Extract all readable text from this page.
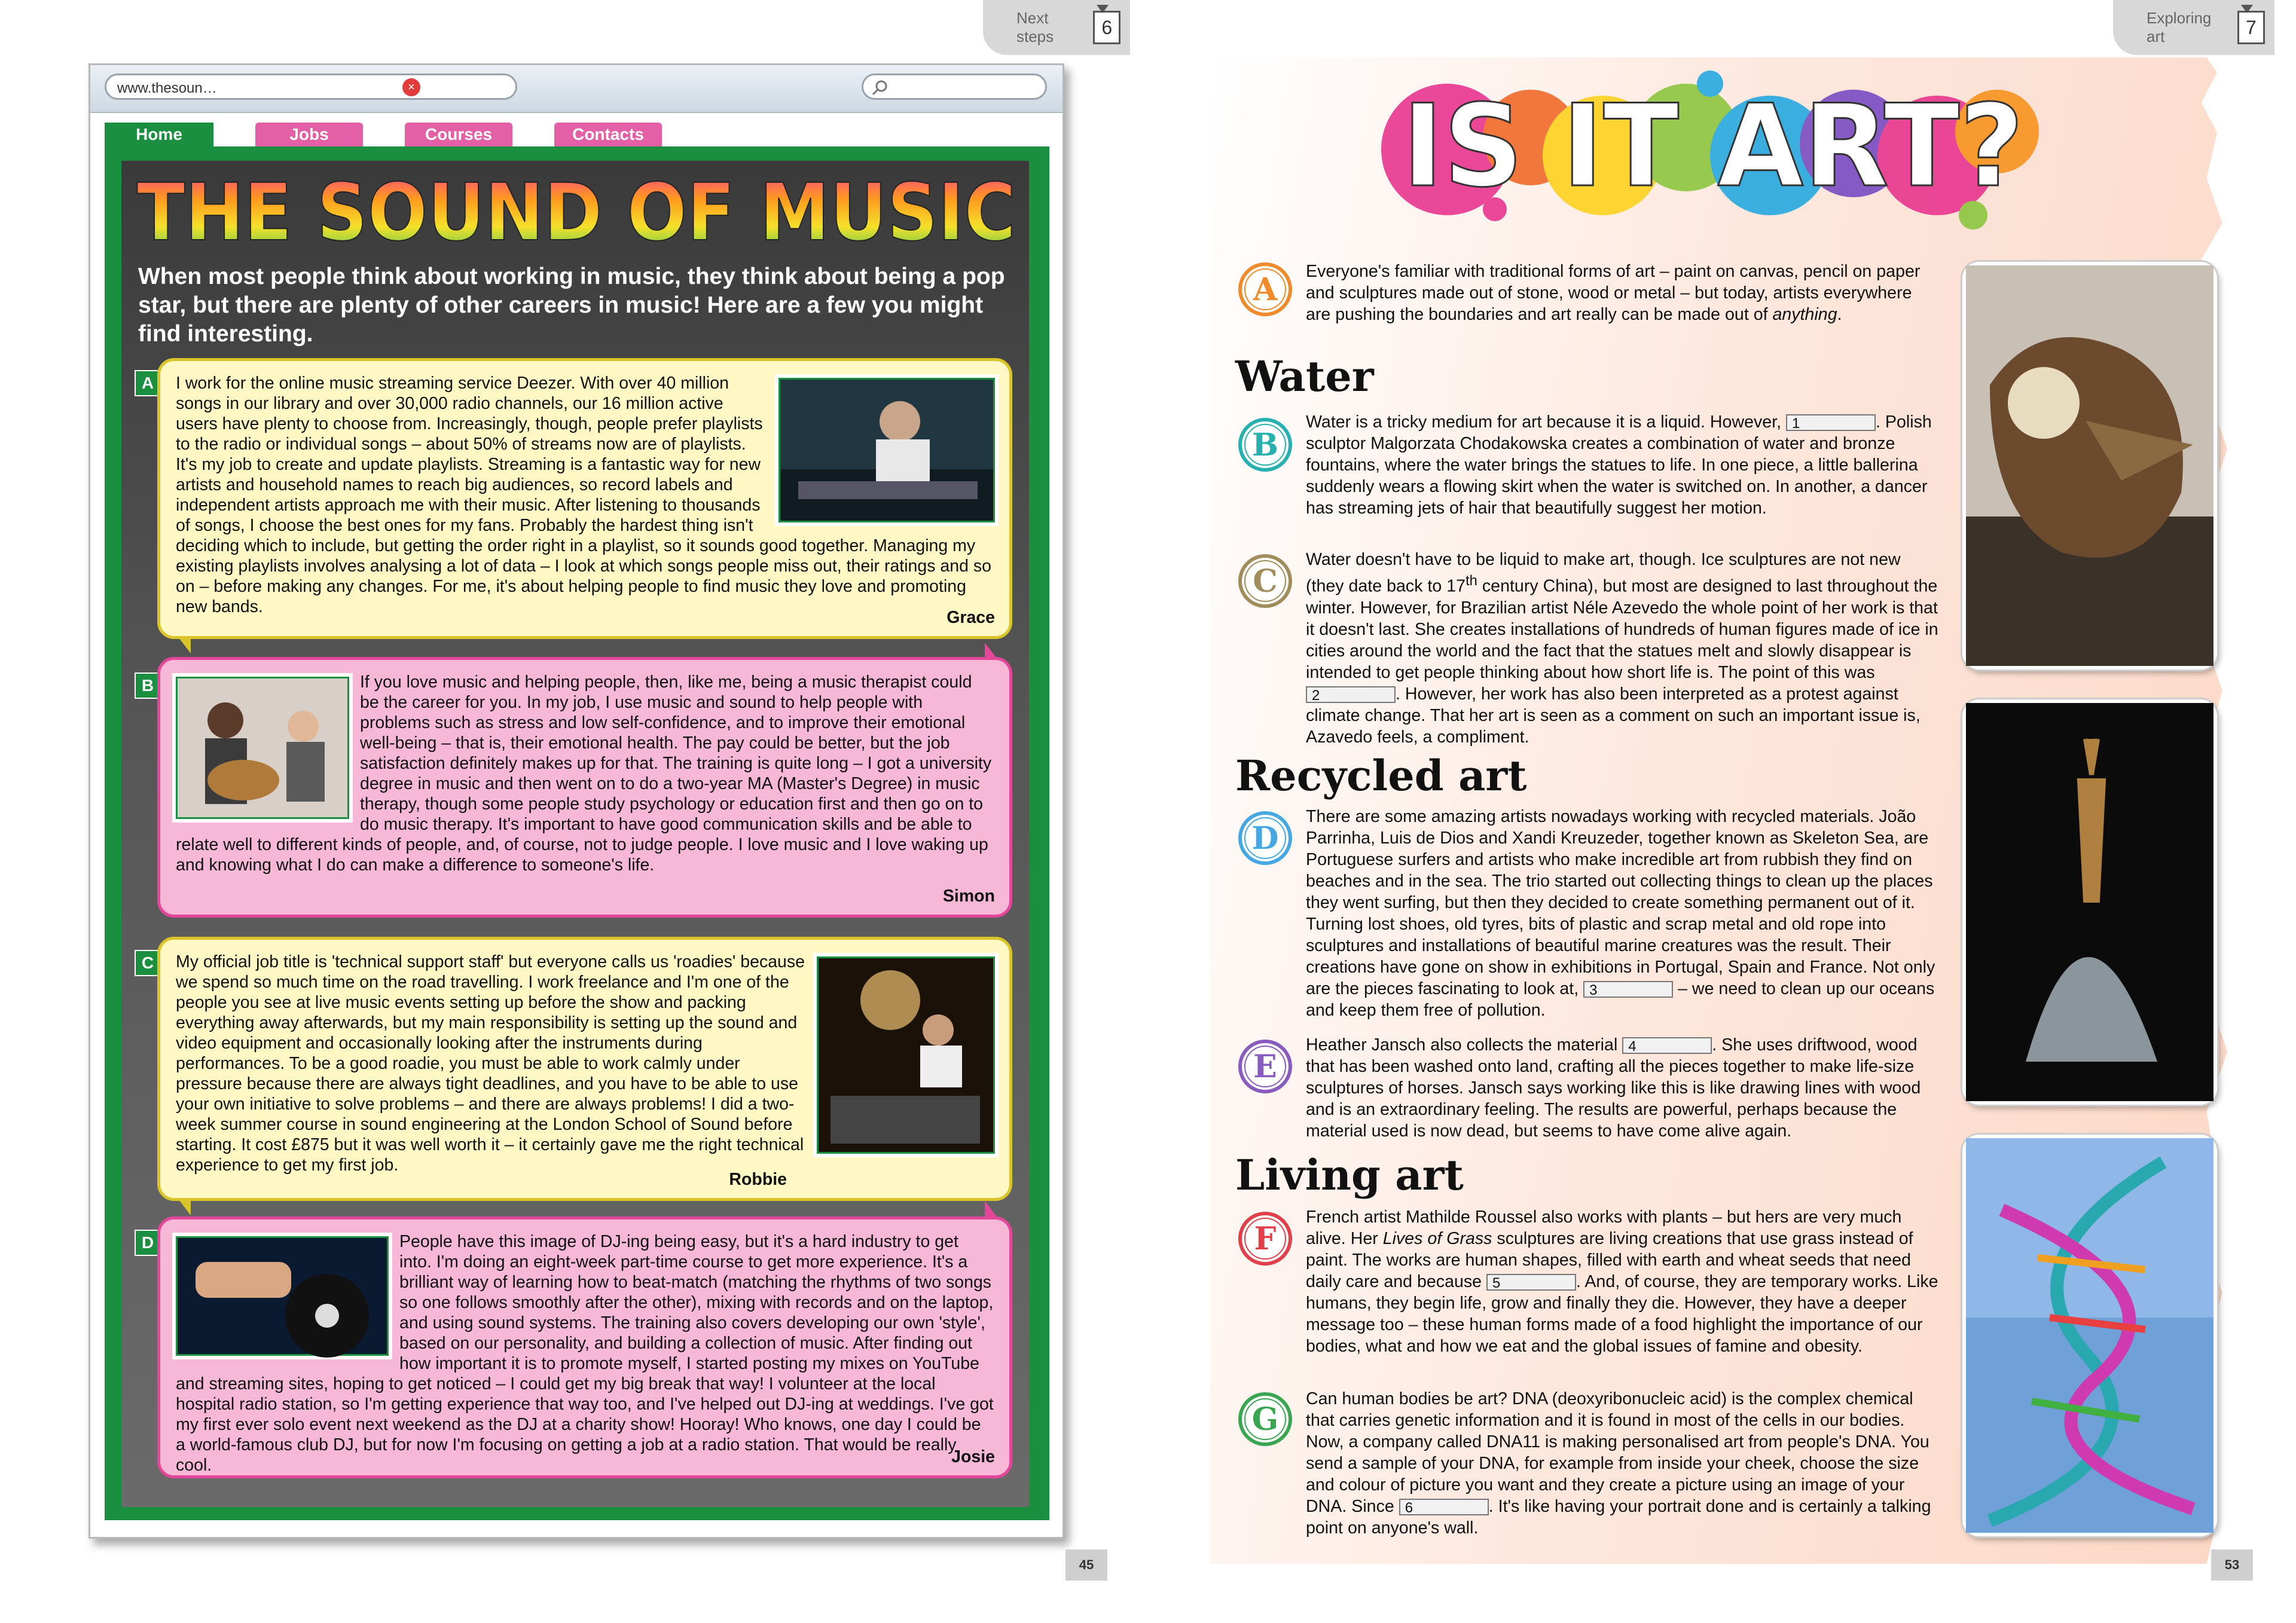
Next steps	6
www.thesoun…	×
Home	Jobs	Courses	Contacts
THE SOUND OF MUSIC
When most people think about working in music, they think about being a pop star, but there are plenty of other careers in music! Here are a few you might find interesting.
A	I work for the online music streaming service Deezer. With over 40 million songs in our library and over 30,000 radio channels, our 16 million active users have plenty to choose from. Increasingly, though, people prefer playlists to the radio or individual songs – about 50% of streams now are of playlists. It's my job to create and update playlists. Streaming is a fantastic way for new artists and household names to reach big audiences, so record labels and independent artists approach me with their music. After listening to thousands of songs, I choose the best ones for my fans. Probably the hardest thing isn't deciding which to include, but getting the order right in a playlist, so it sounds good together. Managing my existing playlists involves analysing a lot of data – I look at which songs people miss out, their ratings and so on – before making any changes. For me, it's about helping people to find music they love and promoting new bands.

Grace
B	If you love music and helping people, then, like me, being a music therapist could be the career for you. In my job, I use music and sound to help people with problems such as stress and low self-confidence, and to improve their emotional well-being – that is, their emotional health. The pay could be better, but the job satisfaction definitely makes up for that. The training is quite long – I got a university degree in music and then went on to do a two-year MA (Master's Degree) in music therapy, though some people study psychology or education first and then go on to do music therapy. It's important to have good communication skills and be able to relate well to different kinds of people, and, of course, not to judge people. I love music and I love waking up and knowing what I do can make a difference to someone's life.

Simon
C	My official job title is 'technical support staff' but everyone calls us 'roadies' because we spend so much time on the road travelling. I work freelance and I'm one of the people you see at live music events setting up before the show and packing everything away afterwards, but my main responsibility is setting up the sound and video equipment and occasionally looking after the instruments during performances. To be a good roadie, you must be able to work calmly under pressure because there are always tight deadlines, and you have to be able to use your own initiative to solve problems – and there are always problems! I did a two-week summer course in sound engineering at the London School of Sound before starting. It cost £875 but it was well worth it – it certainly gave me the right technical experience to get my first job.

Robbie
D	People have this image of DJ-ing being easy, but it's a hard industry to get into. I'm doing an eight-week part-time course to get more experience. It's a brilliant way of learning how to beat-match (matching the rhythms of two songs so one follows smoothly after the other), mixing with records and on the laptop, and using sound systems. The training also covers developing our own 'style', based on our personality, and building a collection of music. After finding out how important it is to promote myself, I started posting my mixes on YouTube and streaming sites, hoping to get noticed – I could get my big break that way! I volunteer at the local hospital radio station, so I'm getting experience that way too, and I've helped out DJ-ing at weddings. I've got my first ever solo event next weekend as the DJ at a charity show! Hooray! Who knows, one day I could be a world-famous club DJ, but for now I'm focusing on getting a job at a radio station. That would be really cool.	Josie
45
Exploring art	7
IS IT ART?
A
B
C
D
E
F
G
Everyone's familiar with traditional forms of art – paint on canvas, pencil on paper and sculptures made out of stone, wood or metal – but today, artists everywhere are pushing the boundaries and art really can be made out of anything.
Water
Water is a tricky medium for art because it is a liquid. However, 1	. Polish sculptor Malgorzata Chodakowska creates a combination of water and bronze fountains, where the water brings the statues to life. In one piece, a little ballerina suddenly wears a flowing skirt when the water is switched on. In another, a dancer has streaming jets of hair that beautifully suggest her motion.
Water doesn't have to be liquid to make art, though. Ice sculptures are not new (they date back to 17th century China), but most are designed to last throughout the winter. However, for Brazilian artist Néle Azevedo the whole point of her work is that it doesn't last. She creates installations of hundreds of human figures made of ice in cities around the world and the fact that the statues melt and slowly disappear is intended to get people thinking about how short life is. The point of this was 2	. However, her work has also been interpreted as a protest against climate change. That her art is seen as a comment on such an important issue is, Azavedo feels, a compliment.
Recycled art
There are some amazing artists nowadays working with recycled materials. João Parrinha, Luis de Dios and Xandi Kreuzeder, together known as Skeleton Sea, are Portuguese surfers and artists who make incredible art from rubbish they find on beaches and in the sea. The trio started out collecting things to clean up the places they went surfing, but then they decided to create something permanent out of it. Turning lost shoes, old tyres, bits of plastic and scrap metal and old rope into sculptures and installations of beautiful marine creatures was the result. Their creations have gone on show in exhibitions in Portugal, Spain and France. Not only are the pieces fascinating to look at, 3	– we need to clean up our oceans and keep them free of pollution.
Heather Jansch also collects the material 4	. She uses driftwood, wood that has been washed onto land, crafting all the pieces together to make life-size sculptures of horses. Jansch says working like this is like drawing lines with wood and is an extraordinary feeling. The results are powerful, perhaps because the material used is now dead, but seems to have come alive again.
Living art
French artist Mathilde Roussel also works with plants – but hers are very much alive. Her Lives of Grass sculptures are living creations that use grass instead of paint. The works are human shapes, filled with earth and wheat seeds that need daily care and because 5	. And, of course, they are temporary works. Like humans, they begin life, grow and finally they die. However, they have a deeper message too – these human forms made of a food highlight the importance of our bodies, what and how we eat and the global issues of famine and obesity.
Can human bodies be art? DNA (deoxyribonucleic acid) is the complex chemical that carries genetic information and it is found in most of the cells in our bodies. Now, a company called DNA11 is making personalised art from people's DNA. You send a sample of your DNA, for example from inside your cheek, choose the size and colour of picture you want and they create a picture using an image of your DNA. Since 6	. It's like having your portrait done and is certainly a talking point on anyone's wall.
53
